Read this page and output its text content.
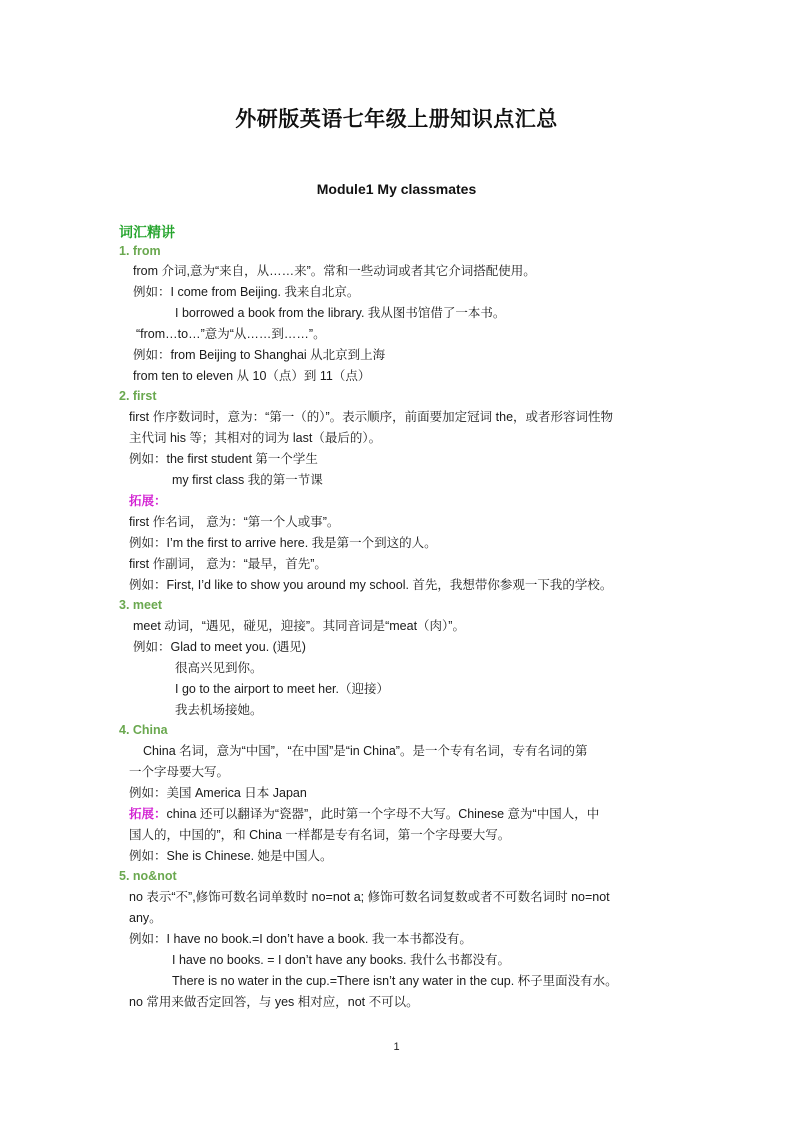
外研版英语七年级上册知识点汇总
Module1 My classmates
词汇精讲
1. from
from 介词,意为“来自，从……来”。常和一些动词或者其它介词搭配使用。
例如：I come from Beijing. 我来自北京。
I borrowed a book from the library. 我从图书馆借了一本书。
“from…to…”意为“从……到……”。
例如：from Beijing to Shanghai 从北京到上海
from ten to eleven 从 10（点）到 11（点）
2. first
first 作序数词时，意为：“第一（的）”。表示顺序，前面要加定冠词 the，或者形容词性物
主代词 his 等；其相对的词为 last（最后的）。
例如：the first student 第一个学生
my first class 我的第一节课
拓展：
first 作名词， 意为：“第一个人或事”。
例如：I’m the first to arrive here. 我是第一个到这的人。
first 作副词， 意为：“最早，首先”。
例如：First, I’d like to show you around my school. 首先，我想带你参观一下我的学校。
3. meet
meet 动词，“遇见，碰见，迎接”。其同音词是“meat（肉）”。
例如：Glad to meet you. (遇见)
很高兴见到你。
I go to the airport to meet her.（迎接）
我去机场接她。
4. China
China 名词，意为“中国”，“在中国”是“in China”。是一个专有名词，专有名词的第
一个字母要大写。
例如：美国 America 日本 Japan
拓展：china 还可以翻译为“瓷器”，此时第一个字母不大写。Chinese 意为“中国人，中
国人的，中国的”，和 China 一样都是专有名词，第一个字母要大写。
例如：She is Chinese. 她是中国人。
5. no&not
no 表示“不”,修饰可数名词单数时 no=not a; 修饰可数名词复数或者不可数名词时 no=not
any。
例如：I have no book.=I don’t have a book. 我一本书都没有。
I have no books. = I don’t have any books. 我什么书都没有。
There is no water in the cup.=There isn’t any water in the cup. 杯子里面没有水。
no 常用来做否定回答，与 yes 相对应，not 不可以。
1
